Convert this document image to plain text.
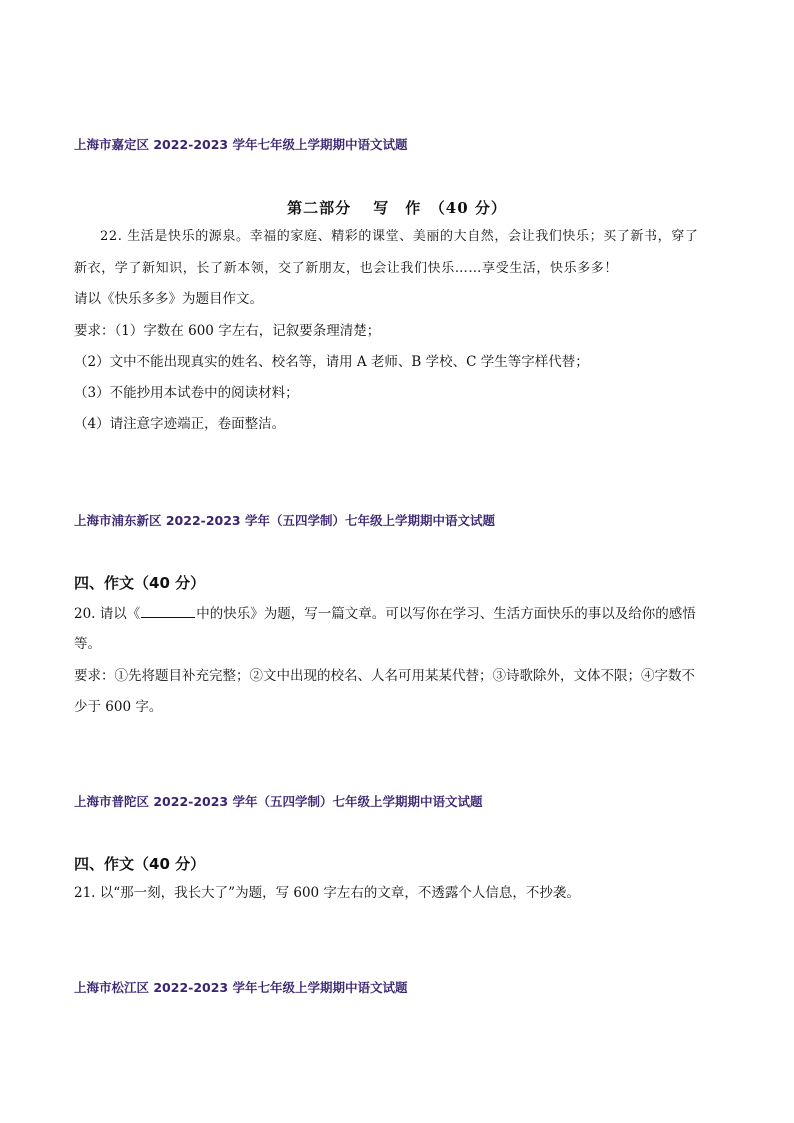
上海市嘉定区 2022-2023 学年七年级上学期期中语文试题
第二部分　 写　作　（40 分）
22. 生活是快乐的源泉。幸福的家庭、精彩的课堂、美丽的大自然，会让我们快乐；买了新书，穿了
新衣，学了新知识，长了新本领，交了新朋友，也会让我们快乐……享受生活，快乐多多！
请以《快乐多多》为题目作文。
要求：（1）字数在 600 字左右，记叙要条理清楚；
（2）文中不能出现真实的姓名、校名等，请用 A 老师、B 学校、C 学生等字样代替；
（3）不能抄用本试卷中的阅读材料；
（4）请注意字迹端正，卷面整洁。
上海市浦东新区 2022-2023 学年（五四学制）七年级上学期期中语文试题
四、作文（40 分）
20. 请以《	中的快乐》为题，写一篇文章。可以写你在学习、生活方面快乐的事以及给你的感悟
等。
要求：①先将题目补充完整；②文中出现的校名、人名可用某某代替；③诗歌除外，文体不限；④字数不
少于 600 字。
上海市普陀区 2022-2023 学年（五四学制）七年级上学期期中语文试题
四、作文（40 分）
21. 以“那一刻，我长大了”为题，写 600 字左右的文章，不透露个人信息，不抄袭。
上海市松江区 2022-2023 学年七年级上学期期中语文试题
